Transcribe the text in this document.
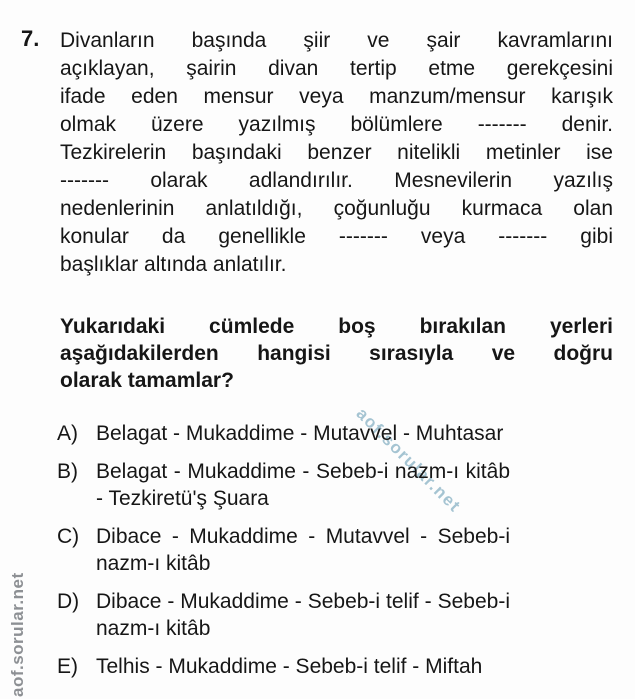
aof.sorular.net
aof.sorular.net
7. Divanların başında şiir ve şair kavramlarını
açıklayan, şairin divan tertip etme gerekçesini
ifade eden mensur veya manzum/mensur karışık
olmak üzere yazılmış bölümlere ------- denir.
Tezkirelerin başındaki benzer nitelikli metinler ise
------- olarak adlandırılır. Mesnevilerin yazılış
nedenlerinin anlatıldığı, çoğunluğu kurmaca olan
konular da genellikle ------- veya ------- gibi
başlıklar altında anlatılır.
Yukarıdaki cümlede boş bırakılan yerleri
aşağıdakilerden hangisi sırasıyla ve doğru
olarak tamamlar?
A) Belagat - Mukaddime - Mutavvel - Muhtasar
B) Belagat - Mukaddime - Sebeb-i nazm-ı kitâb
- Tezkiretü'ş Şuara
C) Dibace - Mukaddime - Mutavvel - Sebeb-i
nazm-ı kitâb
D) Dibace - Mukaddime - Sebeb-i telif - Sebeb-i
nazm-ı kitâb
E) Telhis - Mukaddime - Sebeb-i telif - Miftah
